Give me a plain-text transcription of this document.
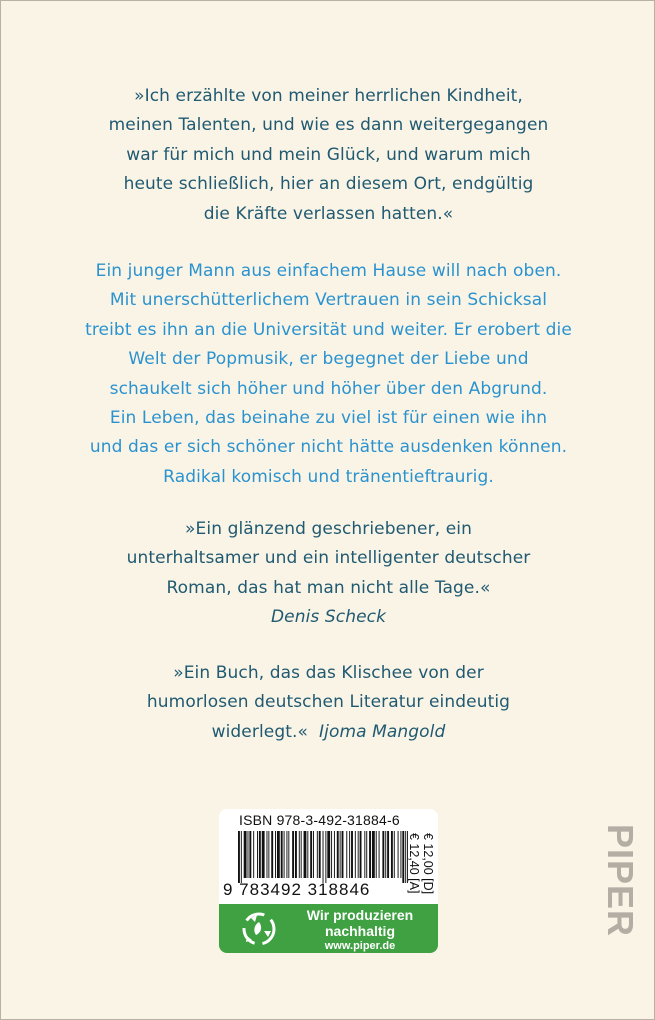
»Ich erzählte von meiner herrlichen Kindheit,
meinen Talenten, und wie es dann weitergegangen
war für mich und mein Glück, und warum mich
heute schließlich, hier an diesem Ort, endgültig
die Kräfte verlassen hatten.«
Ein junger Mann aus einfachem Hause will nach oben.
Mit unerschütterlichem Vertrauen in sein Schicksal
treibt es ihn an die Universität und weiter. Er erobert die
Welt der Popmusik, er begegnet der Liebe und
schaukelt sich höher und höher über den Abgrund.
Ein Leben, das beinahe zu viel ist für einen wie ihn
und das er sich schöner nicht hätte ausdenken können.
Radikal komisch und tränentieftraurig.
»Ein glänzend geschriebener, ein
unterhaltsamer und ein intelligenter deutscher
Roman, das hat man nicht alle Tage.«
Denis Scheck
»Ein Buch, das das Klischee von der
humorlosen deutschen Literatur eindeutig
widerlegt.« Ijoma Mangold
ISBN 978-3-492-31884-6
9 783492 318846	€ 12,00 [D]
€ 12,40 [A]
Wir produzieren
nachhaltig
www.piper.de
PIPER
